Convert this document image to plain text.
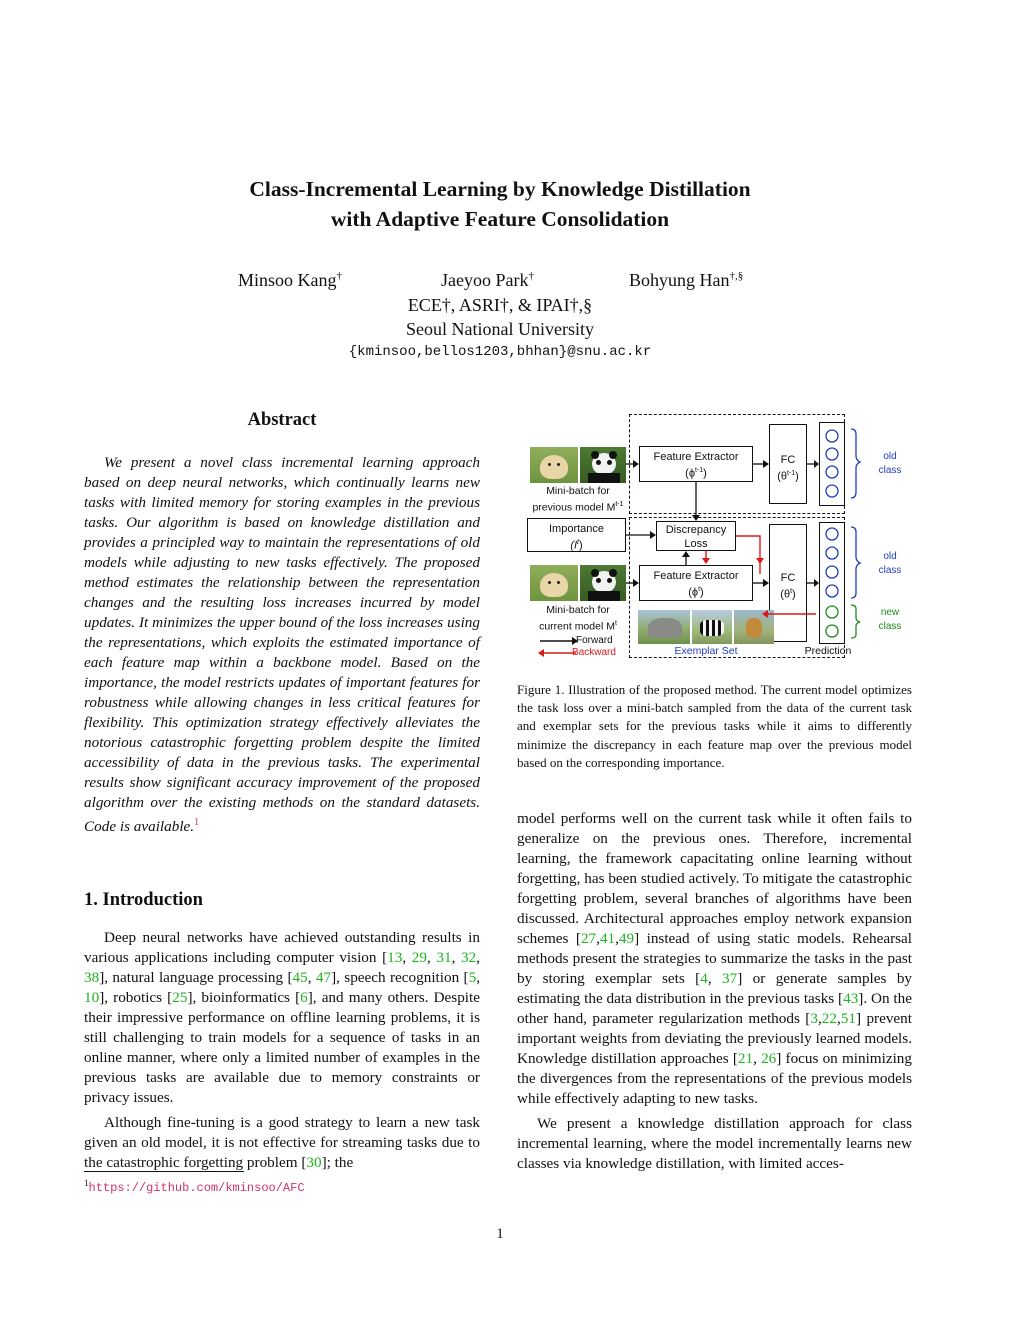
Class-Incremental Learning by Knowledge Distillation
with Adaptive Feature Consolidation
Minsoo Kang†	Jaeyoo Park†	Bohyung Han†,§
ECE†, ASRI†, & IPAI†,§
Seoul National University
{kminsoo,bellos1203,bhhan}@snu.ac.kr
Abstract
We present a novel class incremental learning approach based on deep neural networks, which continually learns new tasks with limited memory for storing examples in the previous tasks. Our algorithm is based on knowledge distillation and provides a principled way to maintain the representations of old models while adjusting to new tasks effectively. The proposed method estimates the relationship between the representation changes and the resulting loss increases incurred by model updates. It minimizes the upper bound of the loss increases using the representations, which exploits the estimated importance of each feature map within a backbone model. Based on the importance, the model restricts updates of important features for robustness while allowing changes in less critical features for flexibility. This optimization strategy effectively alleviates the notorious catastrophic forgetting problem despite the limited accessibility of data in the previous tasks. The experimental results show significant accuracy improvement of the proposed algorithm over the existing methods on the standard datasets. Code is available.$^1$
1. Introduction

Deep neural networks have achieved outstanding results in various applications including computer vision [13, 29, 31, 32, 38], natural language processing [45, 47], speech recognition [5, 10], robotics [25], bioinformatics [6], and many others. Despite their impressive performance on offline learning problems, it is still challenging to train models for a sequence of tasks in an online manner, where only a limited number of examples in the previous tasks are available due to memory constraints or privacy issues.

Although fine-tuning is a good strategy to learn a new task given an old model, it is not effective for streaming tasks due to the catastrophic forgetting problem [30]; the

$^1$https://github.com/kminsoo/AFC
Mini-batch for
previous model $M^{t-1}$
Importance
$(I^t)$
Mini-batch for
current model $M^t$
Forward
Backward
Feature Extractor
$(\phi^{t-1})$
FC
$(\theta^{t-1})$
Discrepancy
Loss
Feature Extractor
$(\phi^t)$
FC
$(\theta^t)$
Exemplar Set	Prediction
old
class
old
class
new
class
Figure 1. Illustration of the proposed method. The current model optimizes the task loss over a mini-batch sampled from the data of the current task and exemplar sets for the previous tasks while it aims to differently minimize the discrepancy in each feature map over the previous model based on the corresponding importance.

model performs well on the current task while it often fails to generalize on the previous ones. Therefore, incremental learning, the framework capacitating online learning without forgetting, has been studied actively. To mitigate the catastrophic forgetting problem, several branches of algorithms have been discussed. Architectural approaches employ network expansion schemes [27,41,49] instead of using static models. Rehearsal methods present the strategies to summarize the tasks in the past by storing exemplar sets [4, 37] or generate samples by estimating the data distribution in the previous tasks [43]. On the other hand, parameter regularization methods [3,22,51] prevent important weights from deviating the previously learned models. Knowledge distillation approaches [21, 26] focus on minimizing the divergences from the representations of the previous models while effectively adapting to new tasks.

We present a knowledge distillation approach for class incremental learning, where the model incrementally learns new classes via knowledge distillation, with limited acces-

1
